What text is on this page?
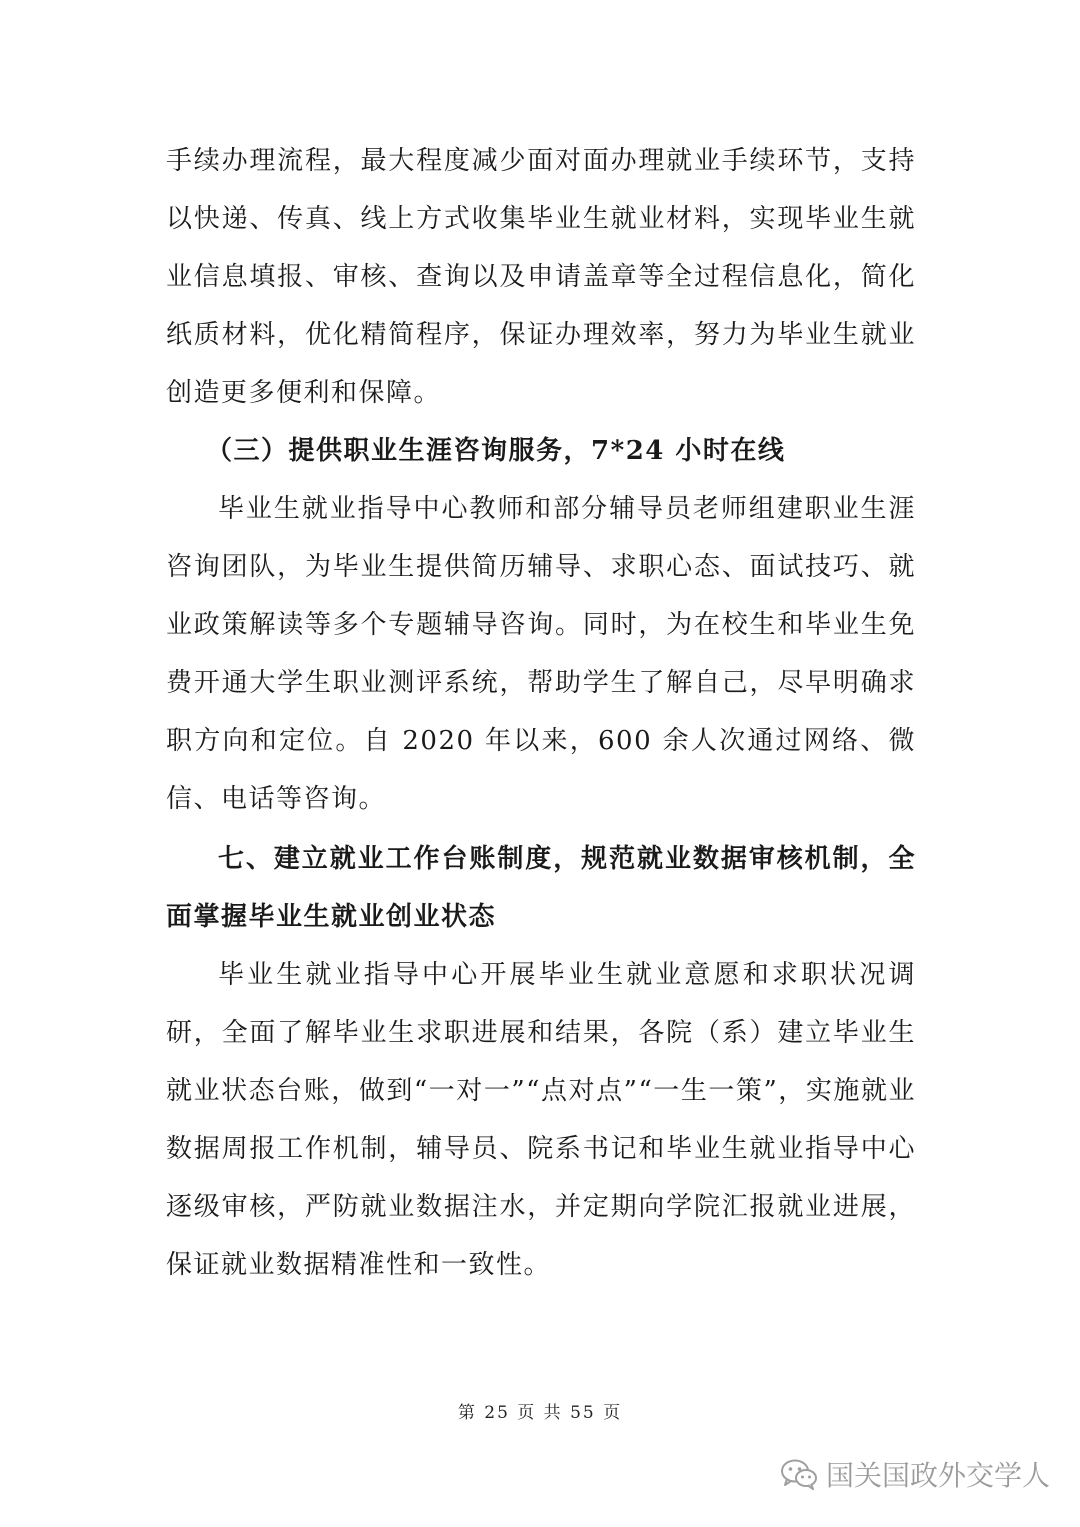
手续办理流程，最大程度减少面对面办理就业手续环节，支持以快递、传真、线上方式收集毕业生就业材料，实现毕业生就业信息填报、审核、查询以及申请盖章等全过程信息化，简化纸质材料，优化精简程序，保证办理效率，努力为毕业生就业创造更多便利和保障。

（三）提供职业生涯咨询服务，7*24 小时在线

毕业生就业指导中心教师和部分辅导员老师组建职业生涯咨询团队，为毕业生提供简历辅导、求职心态、面试技巧、就业政策解读等多个专题辅导咨询。同时，为在校生和毕业生免费开通大学生职业测评系统，帮助学生了解自己，尽早明确求职方向和定位。自 2020 年以来，600 余人次通过网络、微信、电话等咨询。

七、建立就业工作台账制度，规范就业数据审核机制，全面掌握毕业生就业创业状态

毕业生就业指导中心开展毕业生就业意愿和求职状况调研，全面了解毕业生求职进展和结果，各院（系）建立毕业生就业状态台账，做到“一对一”“点对点”“一生一策”，实施就业数据周报工作机制，辅导员、院系书记和毕业生就业指导中心逐级审核，严防就业数据注水，并定期向学院汇报就业进展，保证就业数据精准性和一致性。

第 25 页 共 55 页
国关国政外交学人
